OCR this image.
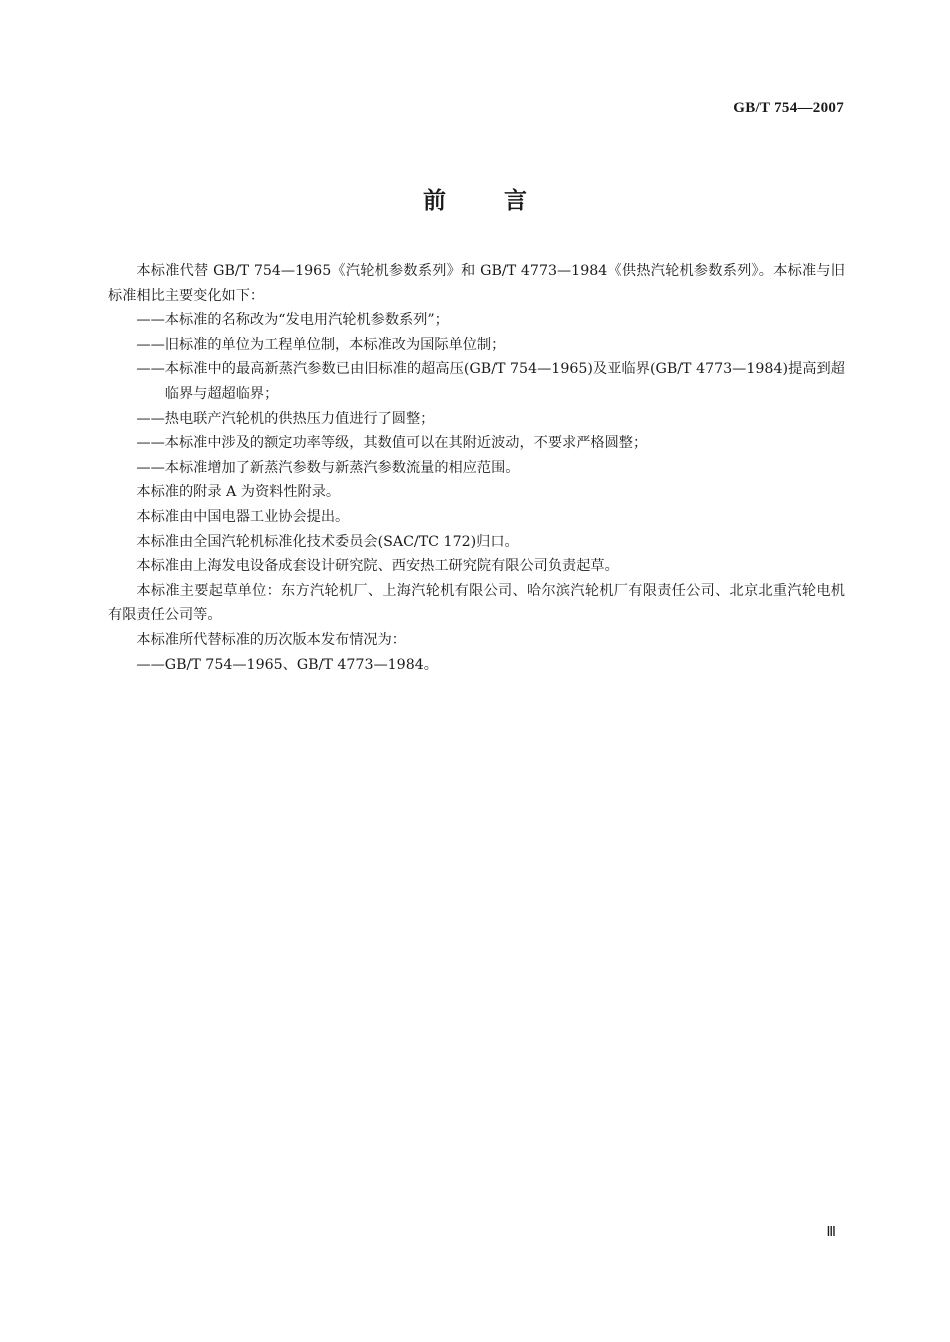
GB/T 754—2007
前言

本标准代替 GB/T 754—1965《汽轮机参数系列》和 GB/T 4773—1984《供热汽轮机参数系列》。本标准与旧标准相比主要变化如下：

—— 本标准的名称改为“发电用汽轮机参数系列”；
—— 旧标准的单位为工程单位制，本标准改为国际单位制；
—— 本标准中的最高新蒸汽参数已由旧标准的超高压(GB/T 754—1965)及亚临界(GB/T 4773—1984)提高到超临界与超超临界；
—— 热电联产汽轮机的供热压力值进行了圆整；
—— 本标准中涉及的额定功率等级，其数值可以在其附近波动，不要求严格圆整；
—— 本标准增加了新蒸汽参数与新蒸汽参数流量的相应范围。

本标准的附录 A 为资料性附录。

本标准由中国电器工业协会提出。

本标准由全国汽轮机标准化技术委员会(SAC/TC 172)归口。

本标准由上海发电设备成套设计研究院、西安热工研究院有限公司负责起草。

本标准主要起草单位：东方汽轮机厂、上海汽轮机有限公司、哈尔滨汽轮机厂有限责任公司、北京北重汽轮电机有限责任公司等。

本标准所代替标准的历次版本发布情况为：

—— GB/T 754—1965、GB/T 4773—1984。
Ⅲ
